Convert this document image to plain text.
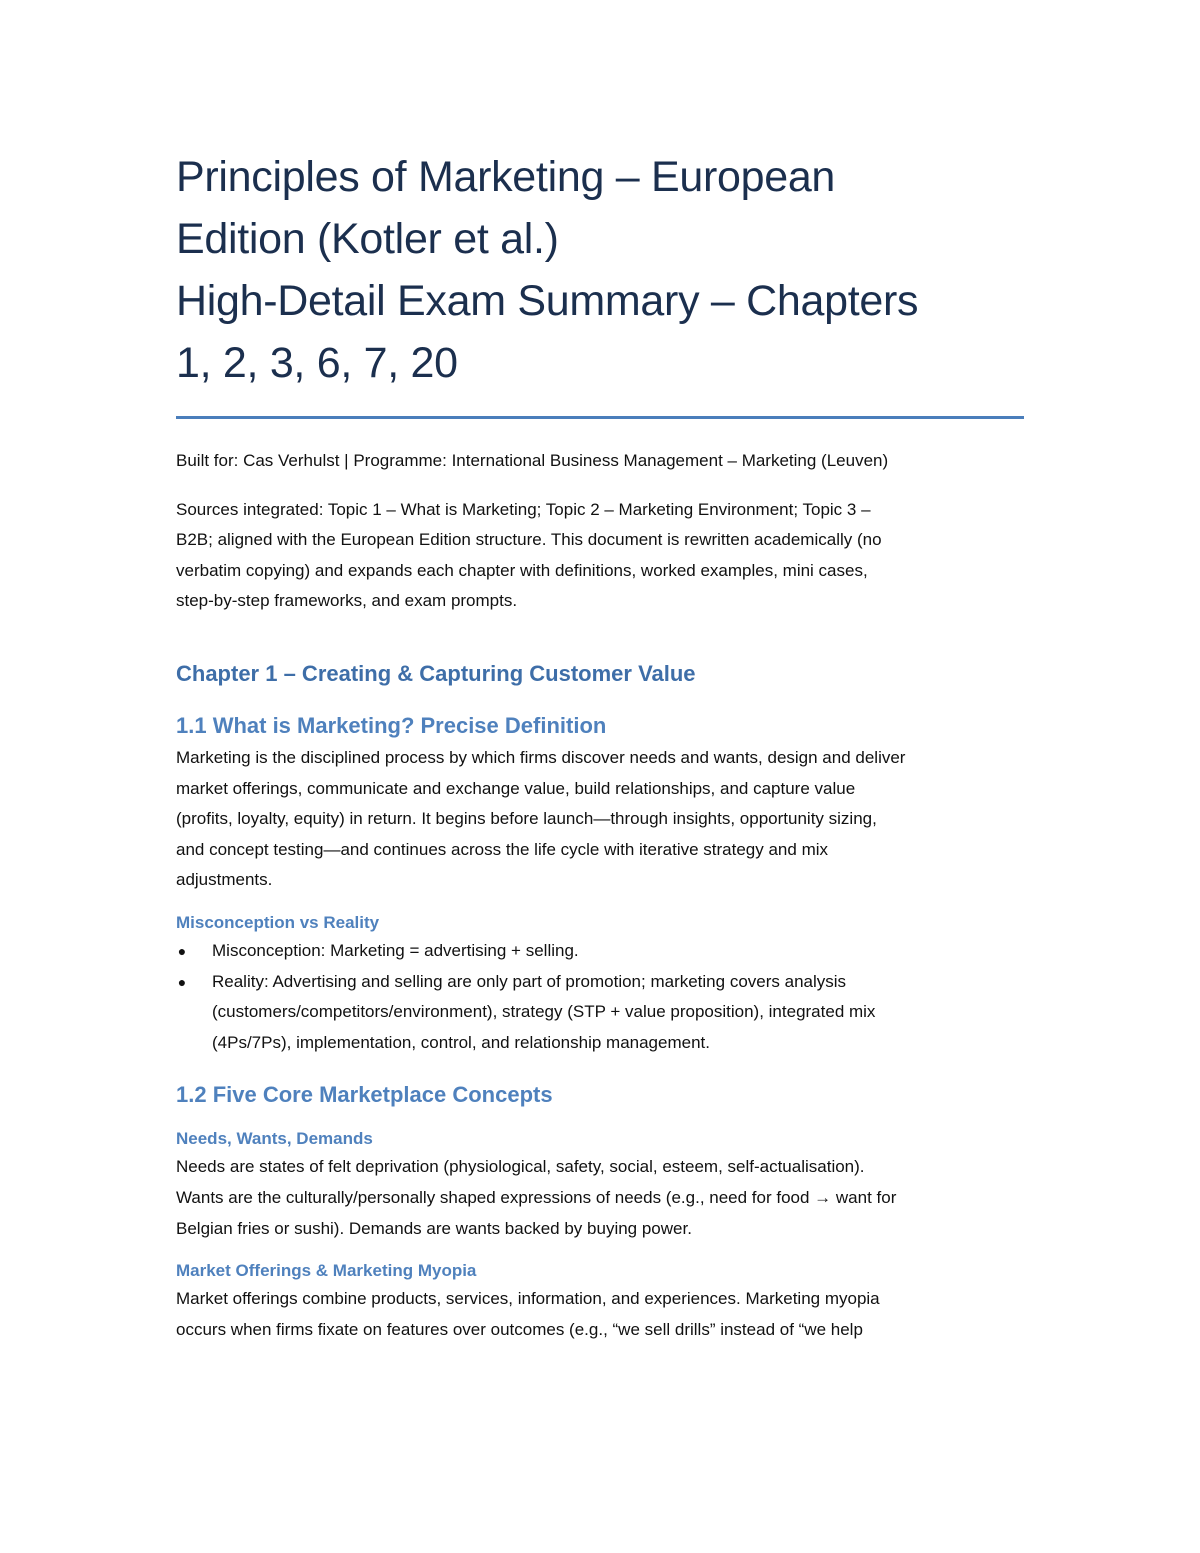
Principles of Marketing – European
Edition (Kotler et al.)
High-Detail Exam Summary – Chapters
1, 2, 3, 6, 7, 20

Built for: Cas Verhulst | Programme: International Business Management – Marketing (Leuven)

Sources integrated: Topic 1 – What is Marketing; Topic 2 – Marketing Environment; Topic 3 –
B2B; aligned with the European Edition structure. This document is rewritten academically (no
verbatim copying) and expands each chapter with definitions, worked examples, mini cases,
step-by-step frameworks, and exam prompts.

Chapter 1 – Creating & Capturing Customer Value
1.1 What is Marketing? Precise Definition

Marketing is the disciplined process by which firms discover needs and wants, design and deliver
market offerings, communicate and exchange value, build relationships, and capture value
(profits, loyalty, equity) in return. It begins before launch—through insights, opportunity sizing,
and concept testing—and continues across the life cycle with iterative strategy and mix
adjustments.

Misconception vs Reality
● Misconception: Marketing = advertising + selling.
● Reality: Advertising and selling are only part of promotion; marketing covers analysis
(customers/competitors/environment), strategy (STP + value proposition), integrated mix
(4Ps/7Ps), implementation, control, and relationship management.
1.2 Five Core Marketplace Concepts
Needs, Wants, Demands

Needs are states of felt deprivation (physiological, safety, social, esteem, self-actualisation).
Wants are the culturally/personally shaped expressions of needs (e.g., need for food → want for
Belgian fries or sushi). Demands are wants backed by buying power.

Market Offerings & Marketing Myopia

Market offerings combine products, services, information, and experiences. Marketing myopia
occurs when firms fixate on features over outcomes (e.g., “we sell drills” instead of “we help
